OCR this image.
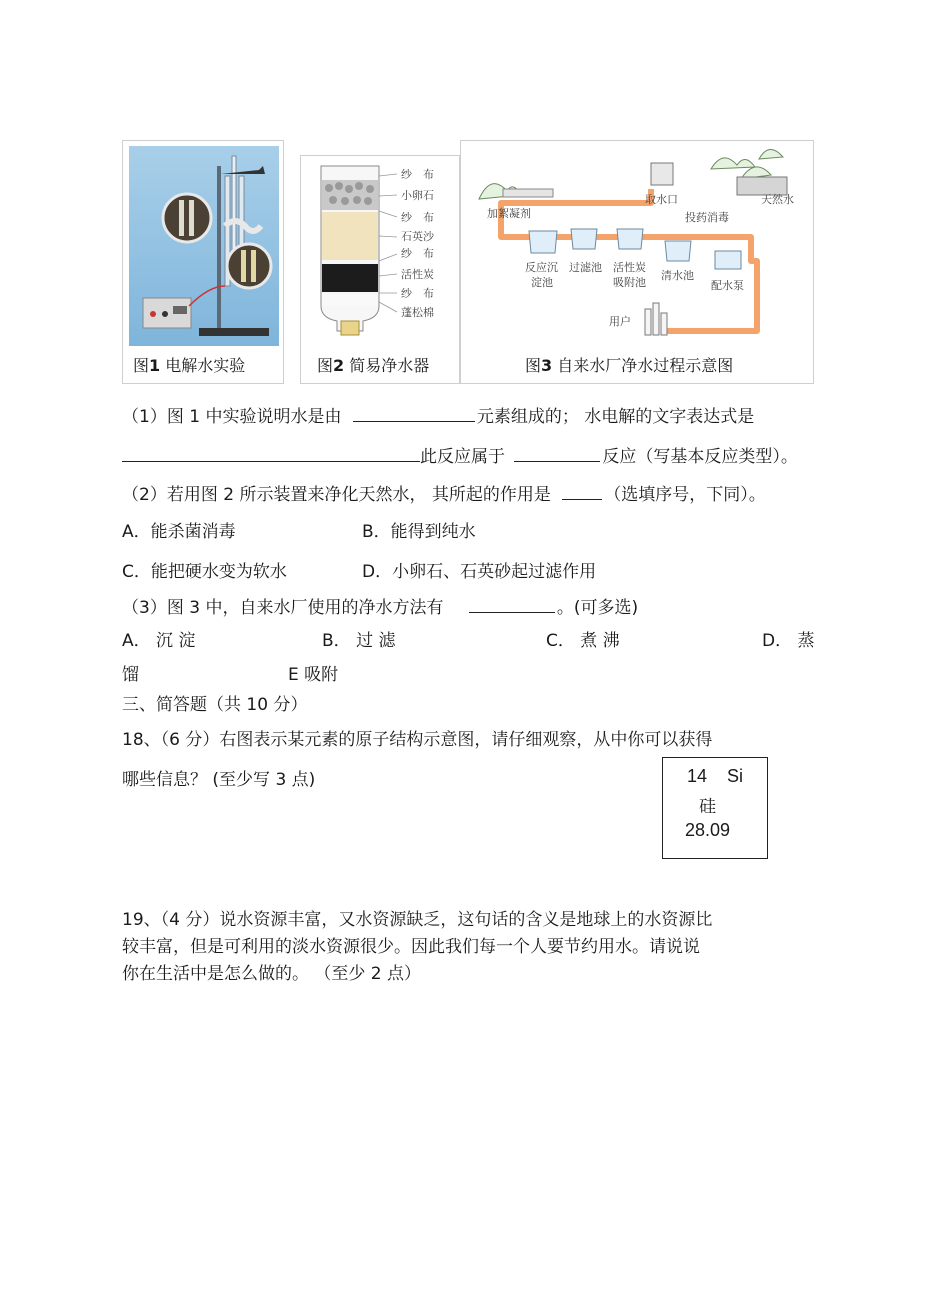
图1 电解水实验
纱　布
小卵石
纱　布
石英沙
纱　布
活性炭
纱　布
蓬松棉
图2 简易净水器
加絮凝剂
取水口	天然水
投药消毒
反应沉
淀池
过滤池 活性炭
吸附池
清水池
配水泵
用户
图3 自来水厂净水过程示意图
（1）图 1 中实验说明水是由	元素组成的； 水电解的文字表达式是
此反应属于	反应（写基本反应类型）。
（2）若用图 2 所示装置来净化天然水， 其所起的作用是	（选填序号，下同）。
A．能杀菌消毒	B．能得到纯水
C．能把硬水变为软水	D．小卵石、石英砂起过滤作用
（3）图 3 中，自来水厂使用的净水方法有	。(可多选)
A． 沉 淀	B． 过 滤	C． 煮 沸	D． 蒸
馏	E 吸附
三、简答题（共 10 分）
18、（6 分）右图表示某元素的原子结构示意图，请仔细观察，从中你可以获得
哪些信息？ (至少写 3 点)	14 Si
硅
28.09
19、（4 分）说水资源丰富，又水资源缺乏，这句话的含义是地球上的水资源比
较丰富，但是可利用的淡水资源很少。因此我们每一个人要节约用水。请说说
你在生活中是怎么做的。 （至少 2 点）
